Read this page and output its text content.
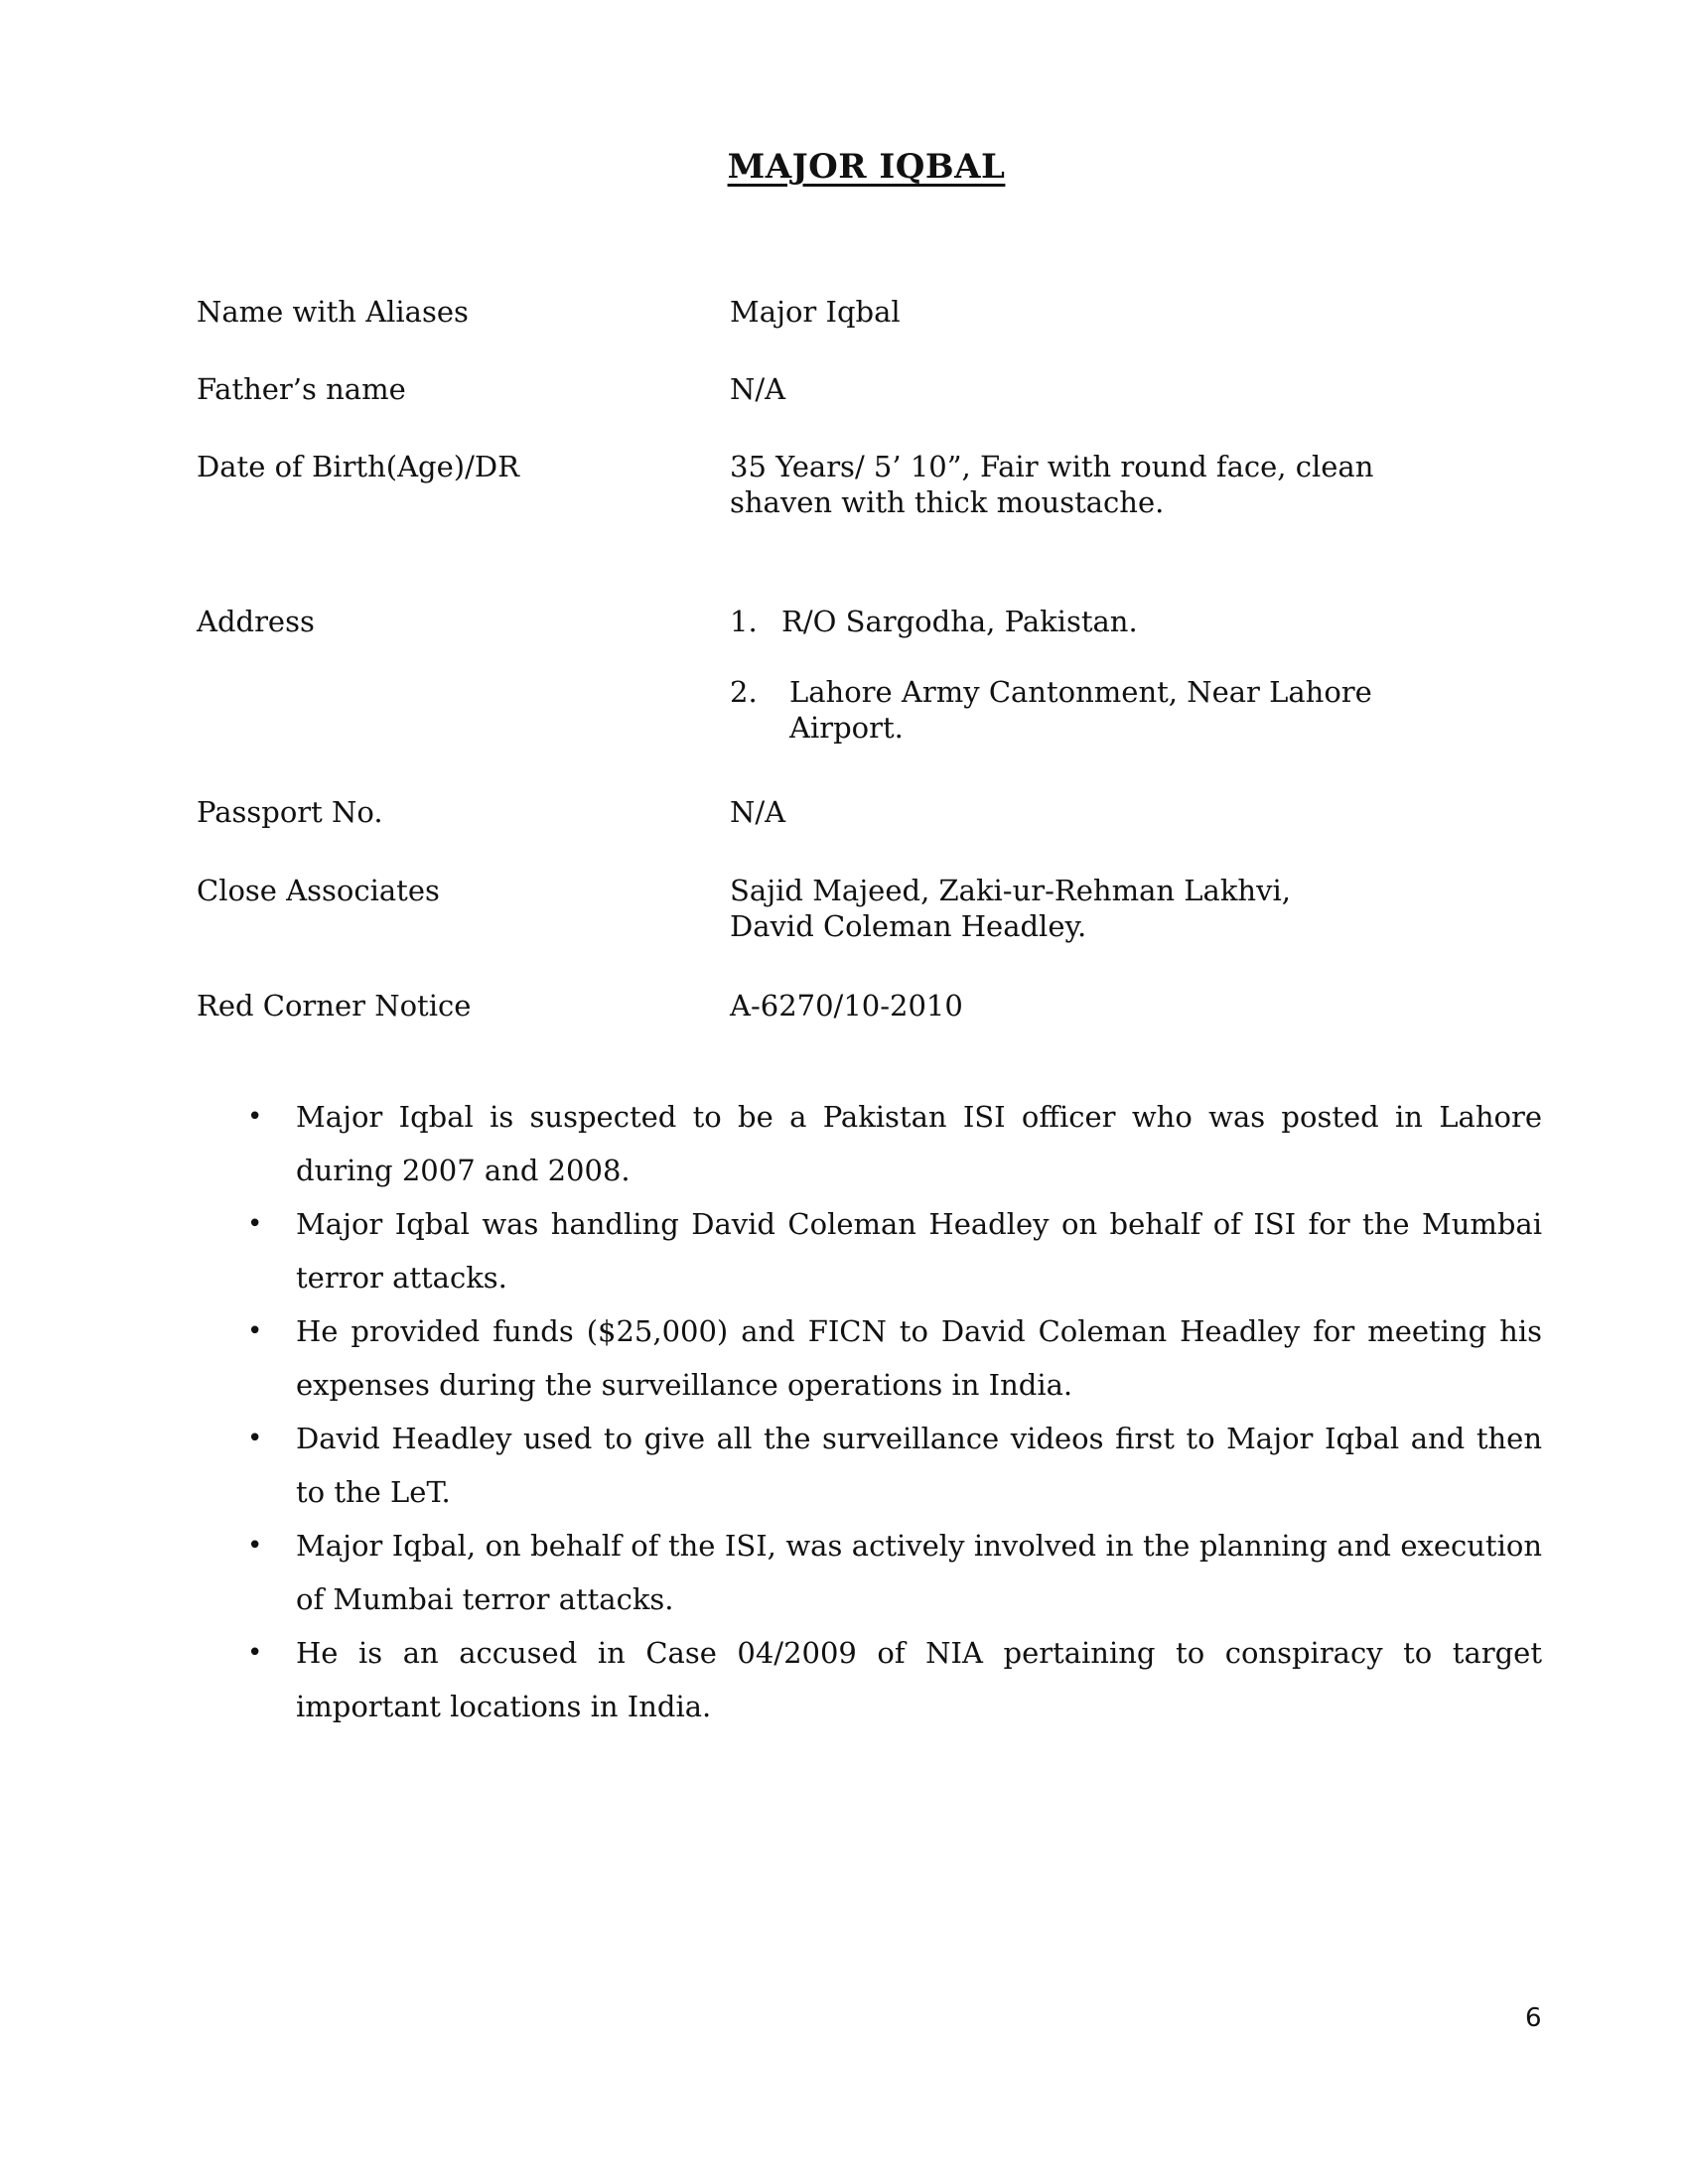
MAJOR IQBAL
Name with Aliases	Major Iqbal
Father’s name	N/A
Date of Birth(Age)/DR	35 Years/ 5’ 10”, Fair with round face, clean shaven with thick moustache.
Address	1. R/O Sargodha, Pakistan.
2. Lahore Army Cantonment, Near Lahore Airport.
Passport No.	N/A
Close Associates	Sajid Majeed, Zaki-ur-Rehman Lakhvi, David Coleman Headley.
Red Corner Notice	A-6270/10-2010
• Major Iqbal is suspected to be a Pakistan ISI officer who was posted in Lahore during 2007 and 2008.
• Major Iqbal was handling David Coleman Headley on behalf of ISI for the Mumbai terror attacks.
• He provided funds ($25,000) and FICN to David Coleman Headley for meeting his expenses during the surveillance operations in India.
• David Headley used to give all the surveillance videos first to Major Iqbal and then to the LeT.
• Major Iqbal, on behalf of the ISI, was actively involved in the planning and execution of Mumbai terror attacks.
• He is an accused in Case 04/2009 of NIA pertaining to conspiracy to target important locations in India.
6
